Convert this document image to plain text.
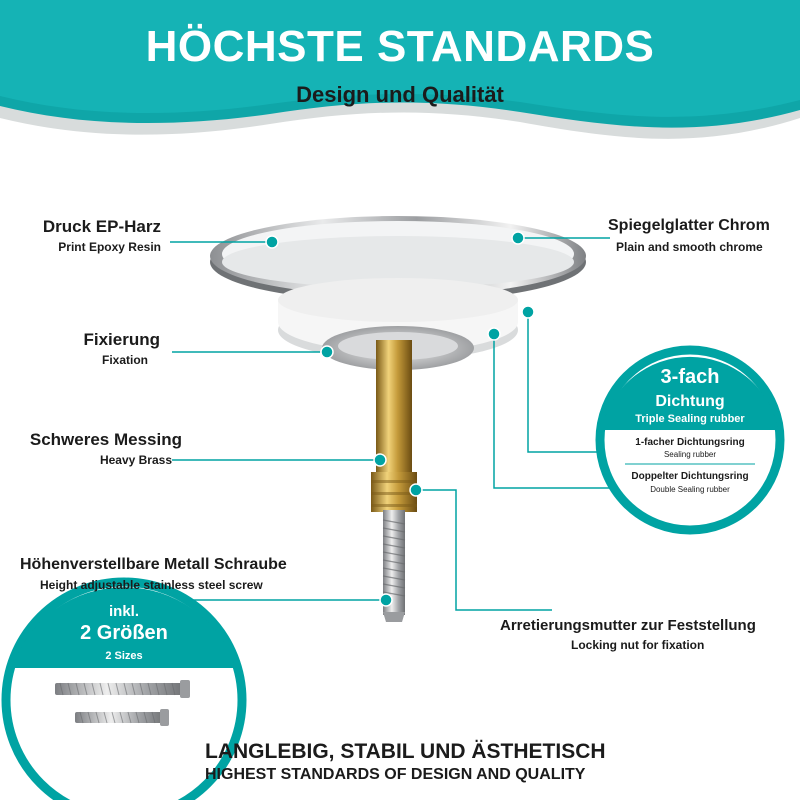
HÖCHSTE STANDARDS
Design und Qualität
Druck EP-Harz
Print Epoxy Resin
Fixierung
Fixation
Schweres Messing
Heavy Brass
Höhenverstellbare Metall Schraube
Height adjustable stainless steel screw
Spiegelglatter Chrom
Plain and smooth chrome
Arretierungsmutter zur Feststellung
Locking nut for fixation
3-fach
Dichtung
Triple Sealing rubber
1-facher Dichtungsring
Sealing rubber
Doppelter Dichtungsring
Double Sealing rubber
inkl.
2 Größen
2 Sizes
LANGLEBIG, STABIL UND ÄSTHETISCH
HIGHEST STANDARDS OF DESIGN AND QUALITY
